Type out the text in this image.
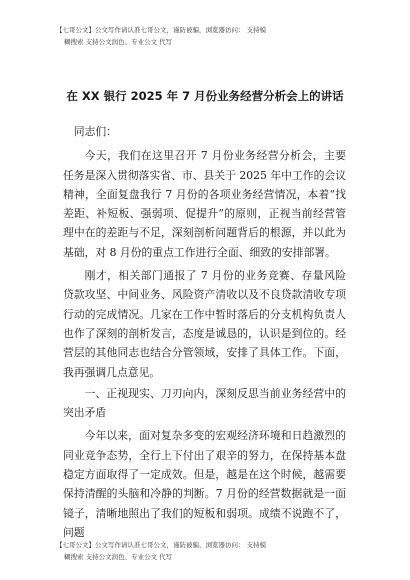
【七哥公文】公文写作请认准七哥公文，谨防被骗，浏览器访问： 支持模
糊搜索 支持公文润色、专业公文 代写
在 XX 银行 2025 年 7 月份业务经营分析会上的讲话

同志们：

今天，我们在这里召开 7 月份业务经营分析会，主要任务是深入贯彻落实省、市、县关于 2025 年中工作的会议精神，全面复盘我行 7 月份的各项业务经营情况，本着“找差距、补短板、强弱项、促提升”的原则，正视当前经营管理中在的差距与不足，深刻剖析问题背后的根源，并以此为基础，对 8 月份的重点工作进行全面、细致的安排部署。

刚才，相关部门通报了 7 月份的业务竞赛、存量风险贷款攻坚、中间业务、风险资产清收以及不良贷款清收专项行动的完成情况。几家在工作中暂时落后的分支机构负责人也作了深刻的剖析发言，态度是诚恳的，认识是到位的。经营层的其他同志也结合分管领域，安排了具体工作。下面，我再强调几点意见。

一、正视现实、刀刃向内，深刻反思当前业务经营中的突出矛盾

今年以来，面对复杂多变的宏观经济环境和日趋激烈的同业竞争态势，全行上下付出了艰辛的努力，在保持基本盘稳定方面取得了一定成效。但是，越是在这个时候，越需要保持清醒的头脑和冷静的判断。7 月份的经营数据就是一面镜子，清晰地照出了我们的短板和弱项。成绩不说跑不了，问题

【七哥公文】公文写作请认准七哥公文，谨防被骗，浏览器访问： 支持模
糊搜索 支持公文润色、专业公文 代写
